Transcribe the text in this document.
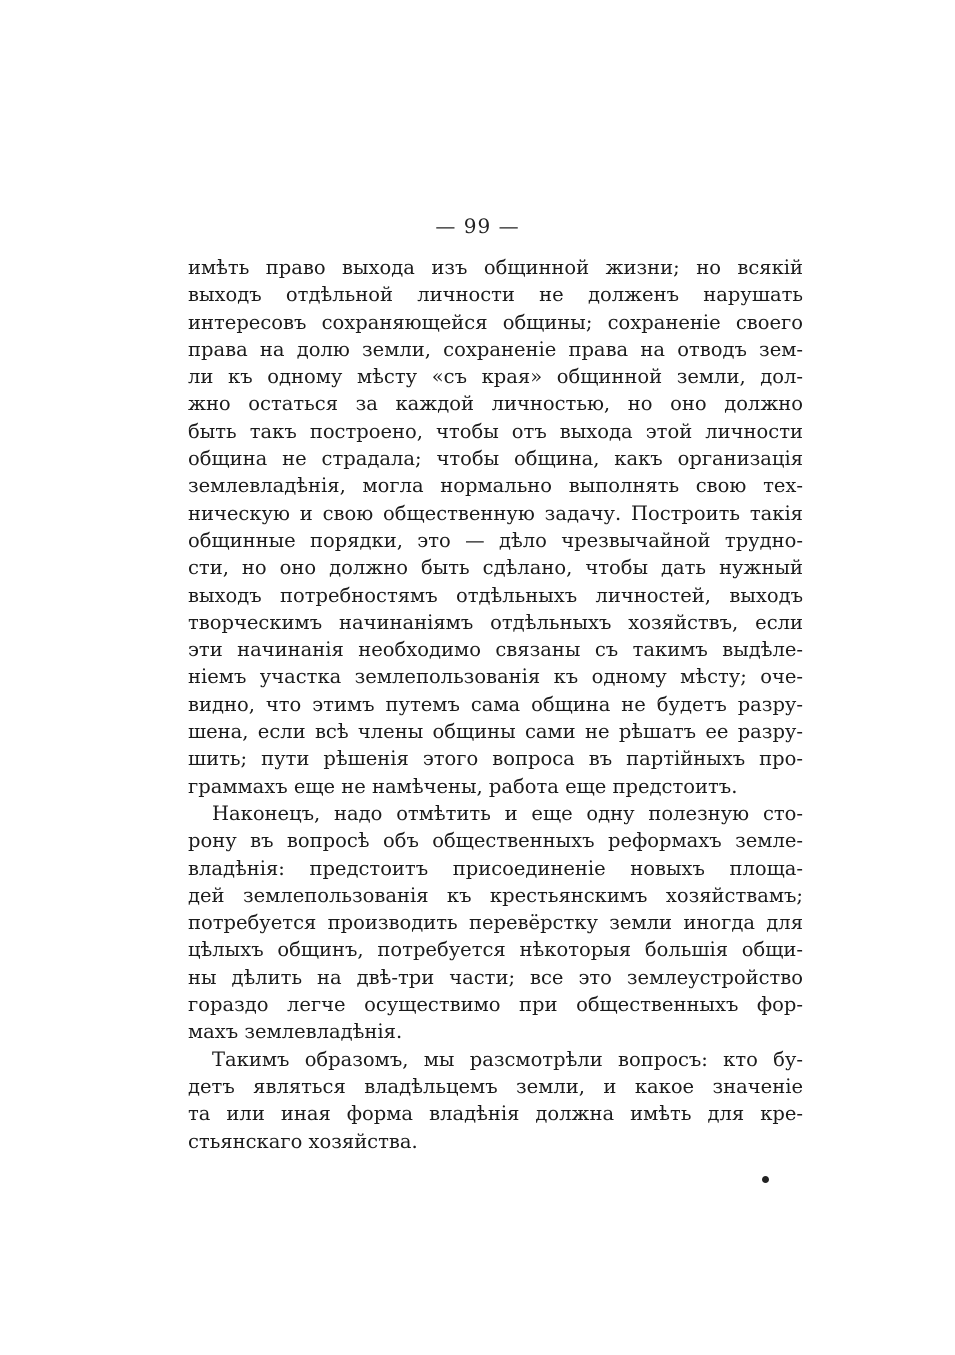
— 99 —
имѣть право выхода изъ общинной жизни; но всякій
выходъ отдѣльной личности не долженъ нарушать
интересовъ сохраняющейся общины; сохраненіе своего
права на долю земли, сохраненіе права на отводъ зем-
ли къ одному мѣсту «съ края» общинной земли, дол-
жно остаться за каждой личностью, но оно должно
быть такъ построено, чтобы отъ выхода этой личности
община не страдала; чтобы община, какъ организація
землевладѣнія, могла нормально выполнять свою тех-
ническую и свою общественную задачу. Построить такія
общинные порядки, это — дѣло чрезвычайной трудно-
сти, но оно должно быть сдѣлано, чтобы дать нужный
выходъ потребностямъ отдѣльныхъ личностей, выходъ
творческимъ начинаніямъ отдѣльныхъ хозяйствъ, если
эти начинанія необходимо связаны съ такимъ выдѣле-
ніемъ участка землепользованія къ одному мѣсту; оче-
видно, что этимъ путемъ сама община не будетъ разру-
шена, если всѣ члены общины сами не рѣшатъ ее разру-
шить; пути рѣшенія этого вопроса въ партійныхъ про-
граммахъ еще не намѣчены, работа еще предстоитъ.
Наконецъ, надо отмѣтить и еще одну полезную сто-
рону въ вопросѣ объ общественныхъ реформахъ земле-
владѣнія: предстоитъ присоединеніе новыхъ площа-
дей землепользованія къ крестьянскимъ хозяйствамъ;
потребуется производить перевёрстку земли иногда для
цѣлыхъ общинъ, потребуется нѣкоторыя большія общи-
ны дѣлить на двѣ-три части; все это землеустройство
гораздо легче осуществимо при общественныхъ фор-
махъ землевладѣнія.
Такимъ образомъ, мы разсмотрѣли вопросъ: кто бу-
детъ являться владѣльцемъ земли, и какое значеніе
та или иная форма владѣнія должна имѣть для кре-
стьянскаго хозяйства.
